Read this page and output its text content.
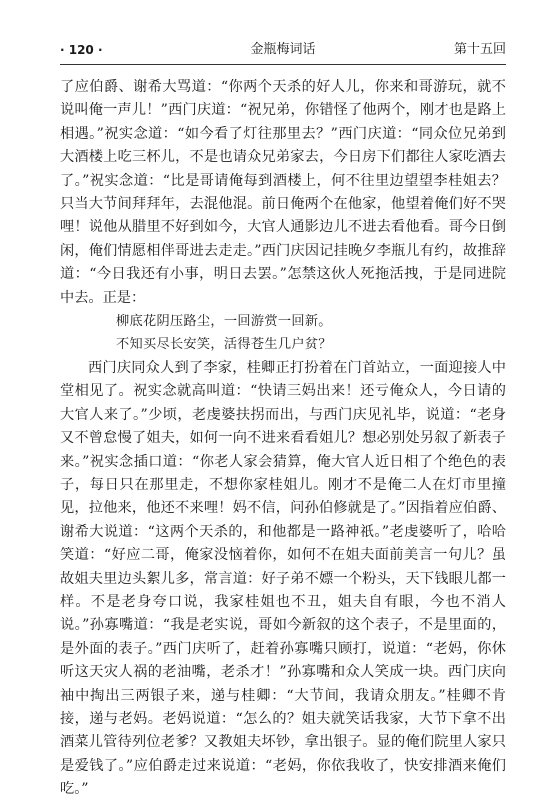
· 120 ·	金瓶梅词话	第十五回

了应伯爵、谢希大骂道：“你两个天杀的好人儿，你来和哥游玩，就不说叫俺一声儿！”西门庆道：“祝兄弟，你错怪了他两个，刚才也是路上相遇。”祝实念道：“如今看了灯往那里去？”西门庆道：“同众位兄弟到大酒楼上吃三杯儿，不是也请众兄弟家去，今日房下们都往人家吃酒去了。”祝实念道：“比是哥请俺每到酒楼上，何不往里边望望李桂姐去？只当大节间拜拜年，去混他混。前日俺两个在他家，他望着俺们好不哭哩！说他从腊里不好到如今，大官人通影边儿不进去看他看。哥今日倒闲，俺们情愿相伴哥进去走走。”西门庆因记挂晚夕李瓶儿有约，故推辞道：“今日我还有小事，明日去罢。”怎禁这伙人死拖活拽，于是同进院中去。正是：

柳底花阴压路尘，一回游赏一回新。

不知买尽长安笑，活得苍生几户贫？

西门庆同众人到了李家，桂卿正打扮着在门首站立，一面迎接人中堂相见了。祝实念就高叫道：“快请三妈出来！还亏俺众人，今日请的大官人来了。”少顷，老虔婆扶拐而出，与西门庆见礼毕，说道：“老身又不曾怠慢了姐夫，如何一向不进来看看姐儿？想必别处另叙了新表子来。”祝实念插口道：“你老人家会猜算，俺大官人近日相了个绝色的表子，每日只在那里走，不想你家桂姐儿。刚才不是俺二人在灯市里撞见，拉他来，他还不来哩！妈不信，问孙伯修就是了。”因指着应伯爵、谢希大说道：“这两个天杀的，和他都是一路神祇。”老虔婆听了，哈哈笑道：“好应二哥，俺家没恼着你，如何不在姐夫面前美言一句儿？虽故姐夫里边头絮儿多，常言道：好子弟不嫖一个粉头，天下钱眼儿都一样。不是老身夸口说，我家桂姐也不丑，姐夫自有眼，今也不消人说。”孙寡嘴道：“我是老实说，哥如今新叙的这个表子，不是里面的，是外面的表子。”西门庆听了，赶着孙寡嘴只顾打，说道：“老妈，你休听这天灾人祸的老油嘴，老杀才！”孙寡嘴和众人笑成一块。西门庆向袖中掏出三两银子来，递与桂卿：“大节间，我请众朋友。”桂卿不肯接，递与老妈。老妈说道：“怎么的？姐夫就笑话我家，大节下拿不出酒菜儿管待列位老爹？又教姐夫坏钞，拿出银子。显的俺们院里人家只是爱钱了。”应伯爵走过来说道：“老妈，你依我收了，快安排酒来俺们吃。”
